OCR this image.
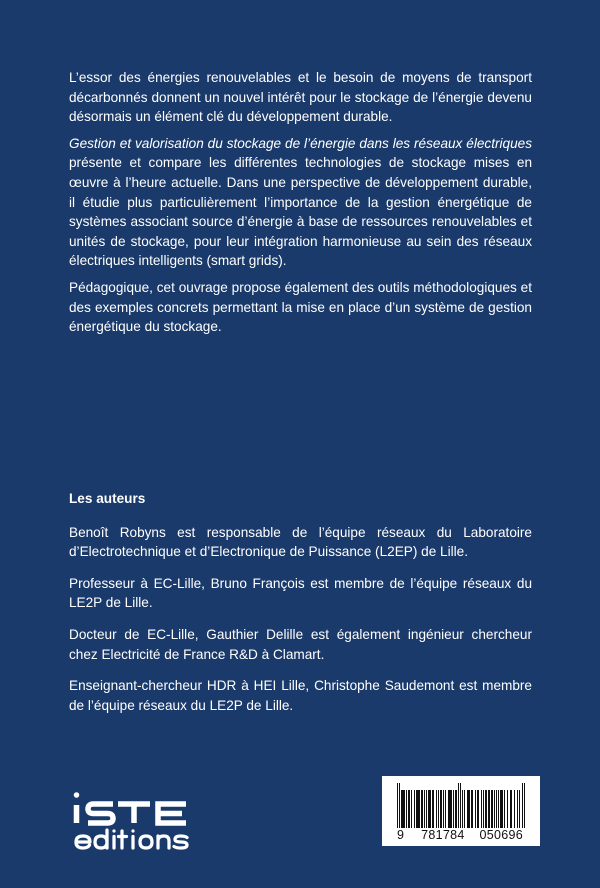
L’essor des énergies renouvelables et le besoin de moyens de transport décarbonnés donnent un nouvel intérêt pour le stockage de l’énergie devenu désormais un élément clé du développement durable.

Gestion et valorisation du stockage de l’énergie dans les réseaux électriques présente et compare les différentes technologies de stockage mises en œuvre à l’heure actuelle. Dans une perspective de développement durable, il étudie plus particulièrement l’importance de la gestion énergétique de systèmes associant source d’énergie à base de ressources renouvelables et unités de stockage, pour leur intégration harmonieuse au sein des réseaux électriques intelligents (smart grids).

Pédagogique, cet ouvrage propose également des outils méthodologiques et des exemples concrets permettant la mise en place d’un système de gestion énergétique du stockage.

Les auteurs

Benoît Robyns est responsable de l’équipe réseaux du Laboratoire d’Electrotechnique et d’Electronique de Puissance (L2EP) de Lille.

Professeur à EC-Lille, Bruno François est membre de l’équipe réseaux du LE2P de Lille.

Docteur de EC-Lille, Gauthier Delille est également ingénieur chercheur chez Electricité de France R&D à Clamart.

Enseignant-chercheur HDR à HEI Lille, Christophe Saudemont est membre de l’équipe réseaux du LE2P de Lille.

9 781784 050696
